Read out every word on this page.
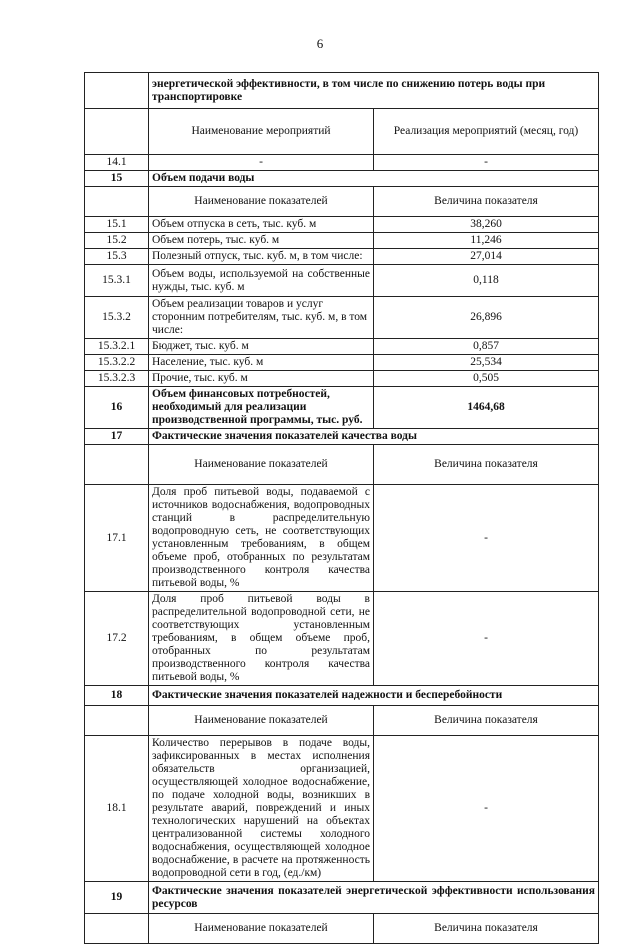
6
	энергетической эффективности, в том числе по снижению потерь воды при транспортировке	
	Наименование мероприятий	Реализация мероприятий (месяц, год)
14.1	-	-
15	Объем подачи воды	
	Наименование показателей	Величина показателя
15.1	Объем отпуска в сеть, тыс. куб. м	38,260
15.2	Объем потерь, тыс. куб. м	11,246
15.3	Полезный отпуск, тыс. куб. м, в том числе:	27,014
15.3.1	Объем воды, используемой на собственные нужды, тыс. куб. м	0,118
15.3.2	Объем реализации товаров и услуг сторонним потребителям, тыс. куб. м, в том числе:	26,896
15.3.2.1	Бюджет, тыс. куб. м	0,857
15.3.2.2	Население, тыс. куб. м	25,534
15.3.2.3	Прочие, тыс. куб. м	0,505
16	Объем финансовых потребностей, необходимый для реализации производственной программы, тыс. руб.	1464,68
17	Фактические значения показателей качества воды	
	Наименование показателей	Величина показателя
17.1	Доля проб питьевой воды, подаваемой с источников водоснабжения, водопроводных станций в распределительную водопроводную сеть, не соответствующих установленным требованиям, в общем объеме проб, отобранных по результатам производственного контроля качества питьевой воды, %	-
17.2	Доля проб питьевой воды в распределительной водопроводной сети, не соответствующих установленным требованиям, в общем объеме проб, отобранных по результатам производственного контроля качества питьевой воды, %	-
18	Фактические значения показателей надежности и бесперебойности	
	Наименование показателей	Величина показателя
18.1	Количество перерывов в подаче воды, зафиксированных в местах исполнения обязательств организацией, осуществляющей холодное водоснабжение, по подаче холодной воды, возникших в результате аварий, повреждений и иных технологических нарушений на объектах централизованной системы холодного водоснабжения, осуществляющей холодное водоснабжение, в расчете на протяженность водопроводной сети в год, (ед./км)	-
19	Фактические значения показателей энергетической эффективности использования ресурсов	
	Наименование показателей	Величина показателя
